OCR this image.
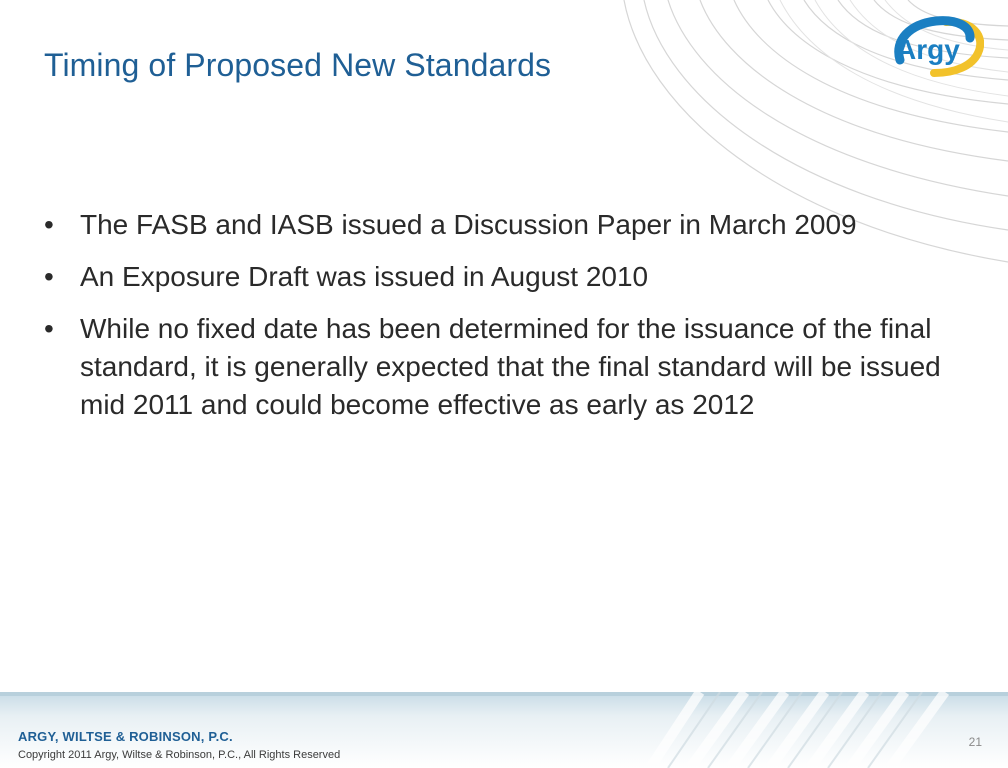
Argy
Timing of Proposed New Standards
• The FASB and IASB issued a Discussion Paper in March 2009
• An Exposure Draft was issued in August 2010
• While no fixed date has been determined for the issuance of the final standard, it is generally expected that the final standard will be issued mid 2011 and could become effective as early as 2012
ARGY, WILTSE & ROBINSON, P.C.
Copyright 2011 Argy, Wiltse & Robinson, P.C., All Rights Reserved
21
